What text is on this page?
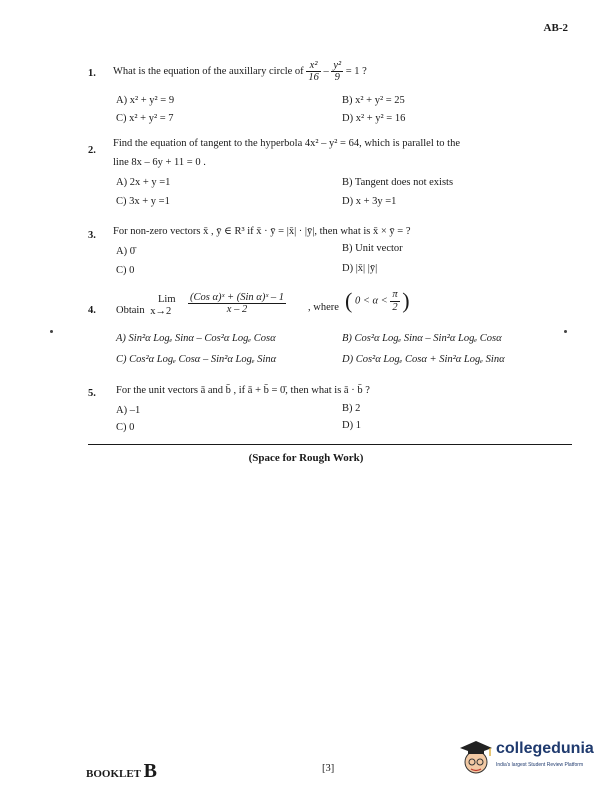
AB-2
1. What is the equation of the auxillary circle of $\frac{\text{x²}}{16} - \frac{\text{y²}}{9} = 1$ ?
A) x² + y² = 9	B) x² + y² = 25
C) x² + y² = 7	D) x² + y² = 16
2.
Find the equation of tangent to the hyperbola 4x² – y² = 64, which is parallel to the
line 8x – 6y + 11 = 0 .
A) 2x + y =1	B) Tangent does not exists
C) 3x + y =1	D) x + 3y =1
3. For non-zero vectors x̄ , ȳ ∈ R³ if x̄ · ȳ = |x̄| · |ȳ|, then what is x̄ × ȳ = ?
A) 0̄	B) Unit vector
C) 0	D) |x̄| |ȳ|
4. Obtain
Lim
x→2	$\frac{\text{(Cos α)ˣ + (Sin α)ˣ – 1}}{x - 2}$ , where ( $0 < \alpha < \frac{\pi}{2}$ )
A) Sin²α Logₑ Sinα – Cos²α Logₑ Cosα	B) Cos²α Logₑ Sinα – Sin²α Logₑ Cosα
C) Cos²α Logₑ Cosα – Sin²α Logₑ Sinα	D) Cos²α Logₑ Cosα + Sin²α Logₑ Sinα
5. For the unit vectors ā and b̄ , if ā + b̄ = 0̄, then what is ā · b̄ ?
A) –1	B) 2
C) 0	D) 1
(Space for Rough Work)
BOOKLET B	[3]
collegedunia
India's largest Student Review Platform
